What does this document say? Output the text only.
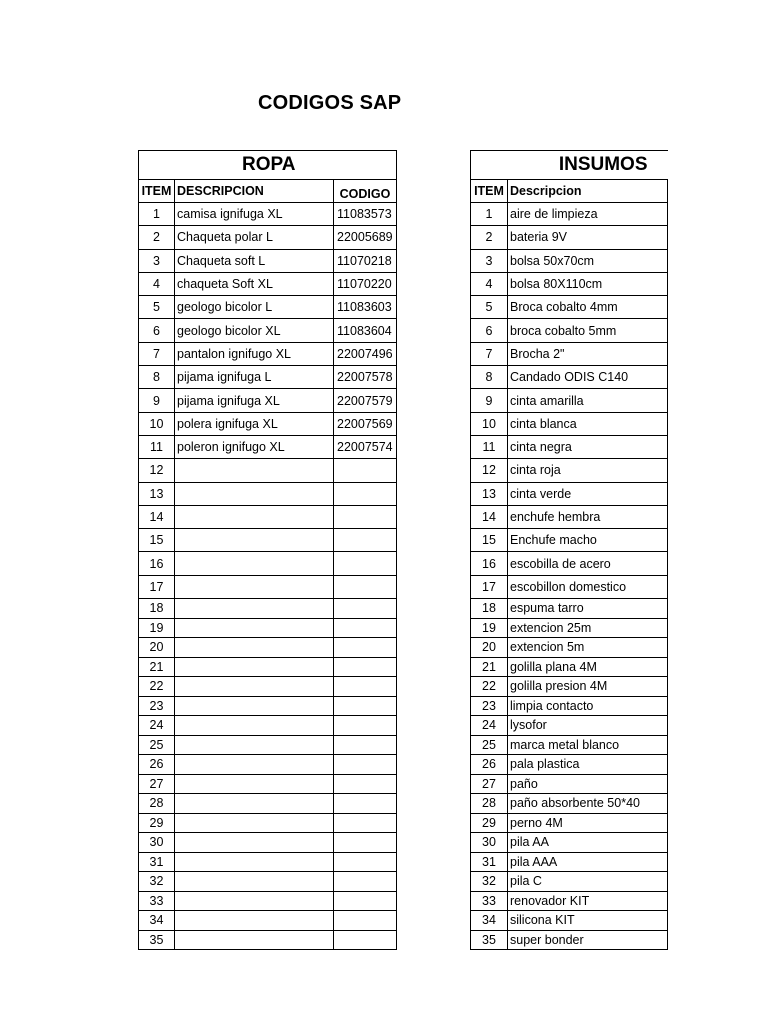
CODIGOS SAP
ROPA		
ITEM	DESCRIPCION	CODIGO
1	camisa ignifuga XL	11083573
2	Chaqueta polar L	22005689
3	Chaqueta soft L	11070218
4	chaqueta Soft XL	11070220
5	geologo bicolor L	11083603
6	geologo bicolor XL	11083604
7	pantalon ignifugo XL	22007496
8	pijama ignifuga L	22007578
9	pijama ignifuga XL	22007579
10	polera ignifuga XL	22007569
11	poleron ignifugo XL	22007574
12		
13		
14		
15		
16		
17		
18		
19		
20		
21		
22		
23		
24		
25		
26		
27		
28		
29		
30		
31		
32		
33		
34		
35		
INSUMOS	
ITEM	Descripcion
1	aire de limpieza
2	bateria 9V
3	bolsa 50x70cm
4	bolsa 80X110cm
5	Broca cobalto 4mm
6	broca cobalto 5mm
7	Brocha 2"
8	Candado ODIS C140
9	cinta amarilla
10	cinta blanca
11	cinta negra
12	cinta roja
13	cinta verde
14	enchufe hembra
15	Enchufe macho
16	escobilla de acero
17	escobillon domestico
18	espuma tarro
19	extencion 25m
20	extencion 5m
21	golilla plana 4M
22	golilla presion 4M
23	limpia contacto
24	lysofor
25	marca metal blanco
26	pala plastica
27	paño
28	paño absorbente 50*40
29	perno 4M
30	pila AA
31	pila AAA
32	pila C
33	renovador KIT
34	silicona KIT
35	super bonder
